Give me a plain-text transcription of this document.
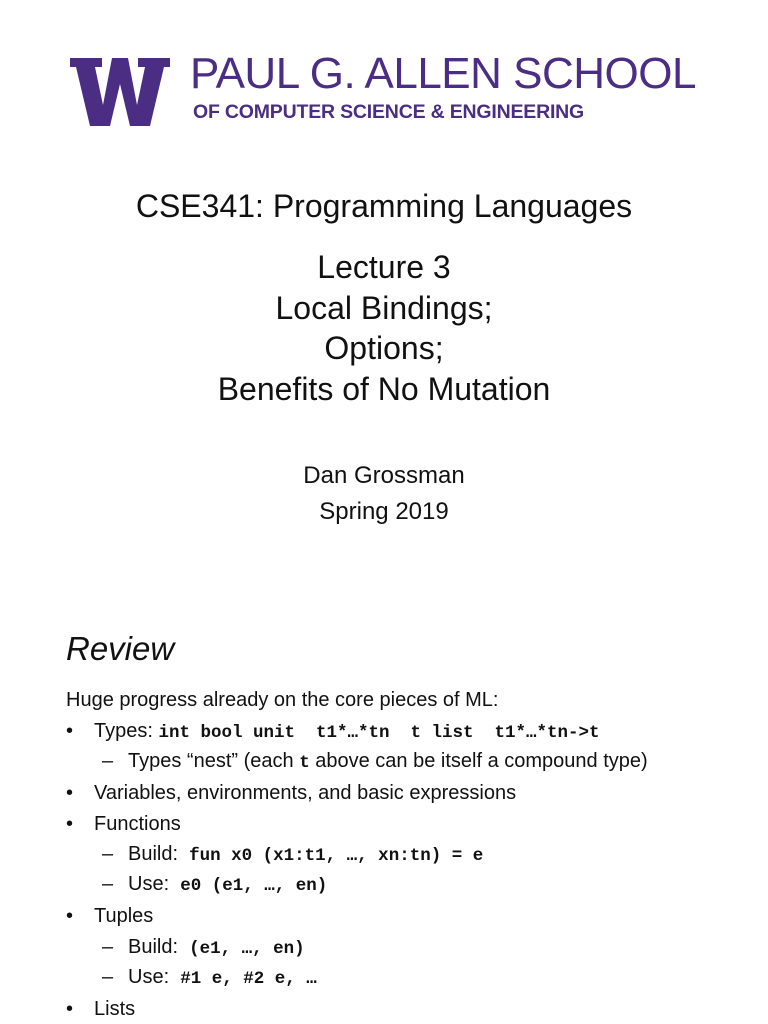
PAUL G. ALLEN SCHOOL
OF COMPUTER SCIENCE & ENGINEERING
CSE341: Programming Languages
Lecture 3
Local Bindings;
Options;
Benefits of No Mutation
Dan Grossman
Spring 2019
Review
Huge progress already on the core pieces of ML:
• Types: int bool unit  t1*…*tn  t list  t1*…*tn->t
– Types “nest” (each t above can be itself a compound type)
• Variables, environments, and basic expressions
• Functions
– Build:  fun x0 (x1:t1, …, xn:tn) = e
– Use:  e0 (e1, …, en)
• Tuples
– Build:  (e1, …, en)
– Use:  #1 e, #2 e, …
• Lists
